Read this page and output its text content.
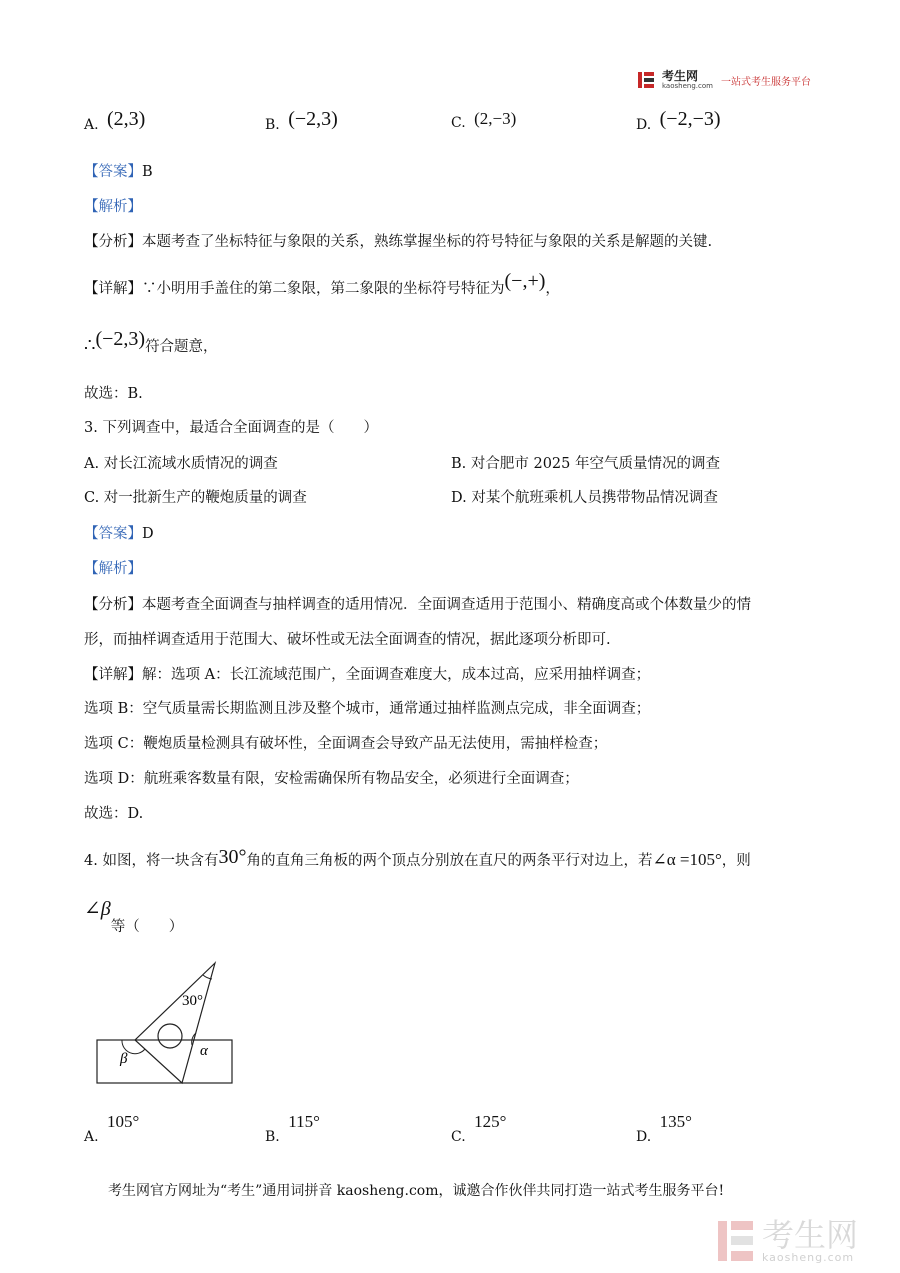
考生网
kaosheng.com 一站式考生服务平台
A. (2,3)	B. (−2,3)	C. (2,−3)	D. (−2,−3)
【答案】B
【解析】
【分析】本题考查了坐标特征与象限的关系，熟练掌握坐标的符号特征与象限的关系是解题的关键.
【详解】∵小明用手盖住的第二象限，第二象限的坐标符号特征为(−,+)，
∴(−2,3)符合题意，
故选：B.
3. 下列调查中，最适合全面调查的是（　　）
A. 对长江流域水质情况的调查	B. 对合肥市 2025 年空气质量情况的调查
C. 对一批新生产的鞭炮质量的调查	D. 对某个航班乘机人员携带物品情况调查
【答案】D
【解析】
【分析】本题考查全面调查与抽样调查的适用情况．全面调查适用于范围小、精确度高或个体数量少的情
形，而抽样调查适用于范围大、破坏性或无法全面调查的情况，据此逐项分析即可.
【详解】解：选项 A：长江流域范围广，全面调查难度大，成本过高，应采用抽样调查；
选项 B：空气质量需长期监测且涉及整个城市，通常通过抽样监测点完成，非全面调查；
选项 C：鞭炮质量检测具有破坏性，全面调查会导致产品无法使用，需抽样检查；
选项 D：航班乘客数量有限，安检需确保所有物品安全，必须进行全面调查；
故选：D.
4. 如图，将一块含有30°角的直角三角板的两个顶点分别放在直尺的两条平行对边上，若∠α =105°，则
∠β等（　　）
30°
α
β
A. 105°
B. 115°
C. 125°
D. 135°
考生网官方网址为“考生”通用词拼音 kaosheng.com，诚邀合作伙伴共同打造一站式考生服务平台!
考生网
kaosheng.com
